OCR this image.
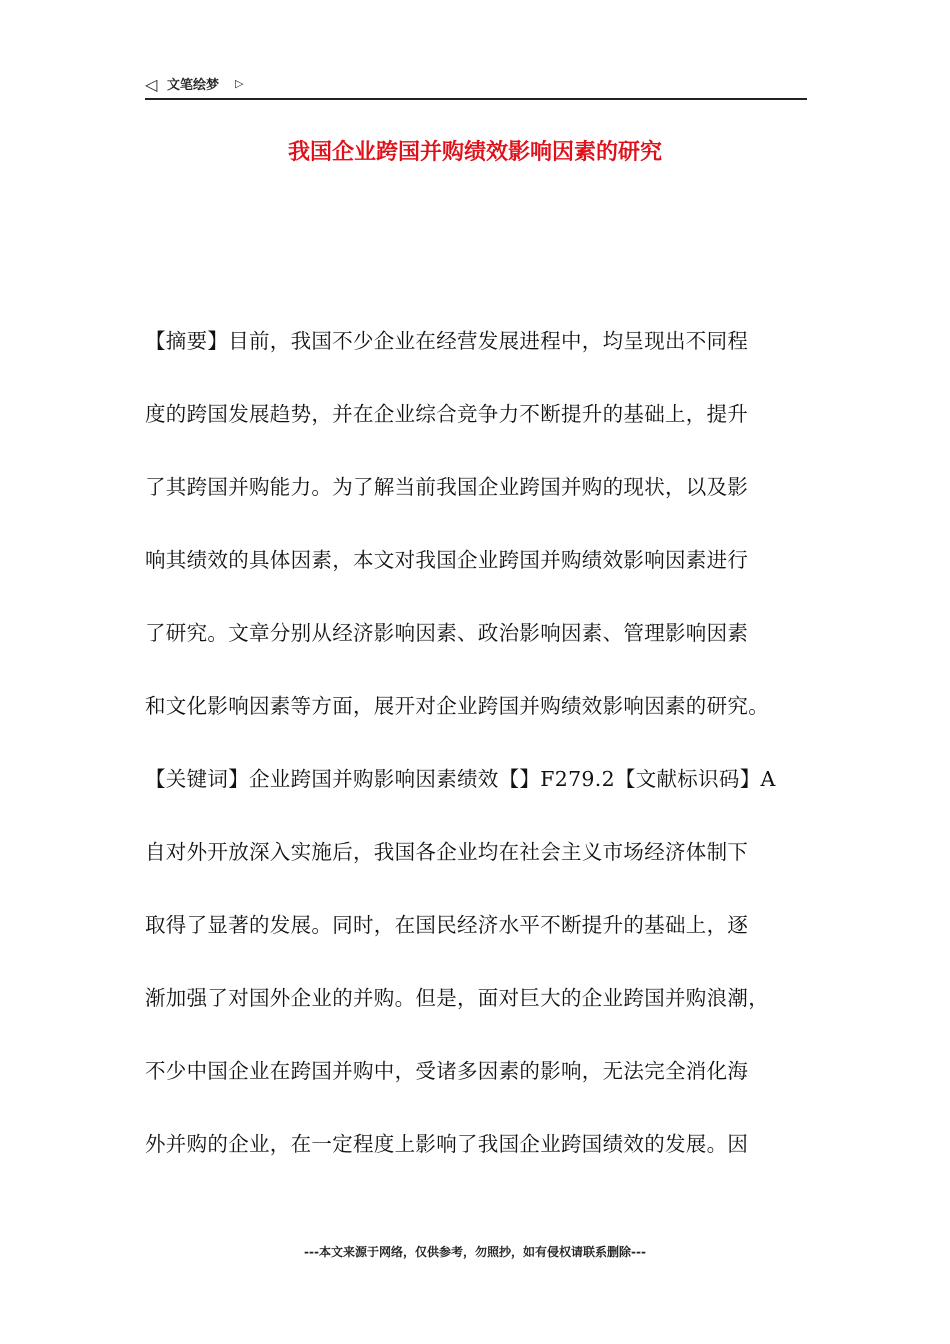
◁ 文笔绘梦 ▷
我国企业跨国并购绩效影响因素的研究
【摘要】目前，我国不少企业在经营发展进程中，均呈现出不同程
度的跨国发展趋势，并在企业综合竞争力不断提升的基础上，提升
了其跨国并购能力。为了解当前我国企业跨国并购的现状，以及影
响其绩效的具体因素，本文对我国企业跨国并购绩效影响因素进行
了研究。文章分别从经济影响因素、政治影响因素、管理影响因素
和文化影响因素等方面，展开对企业跨国并购绩效影响因素的研究。
【关键词】企业跨国并购影响因素绩效【】F279.2【文献标识码】A
自对外开放深入实施后，我国各企业均在社会主义市场经济体制下
取得了显著的发展。同时，在国民经济水平不断提升的基础上，逐
渐加强了对国外企业的并购。但是，面对巨大的企业跨国并购浪潮，
不少中国企业在跨国并购中，受诸多因素的影响，无法完全消化海
外并购的企业，在一定程度上影响了我国企业跨国绩效的发展。因
---本文来源于网络，仅供参考，勿照抄，如有侵权请联系删除---
